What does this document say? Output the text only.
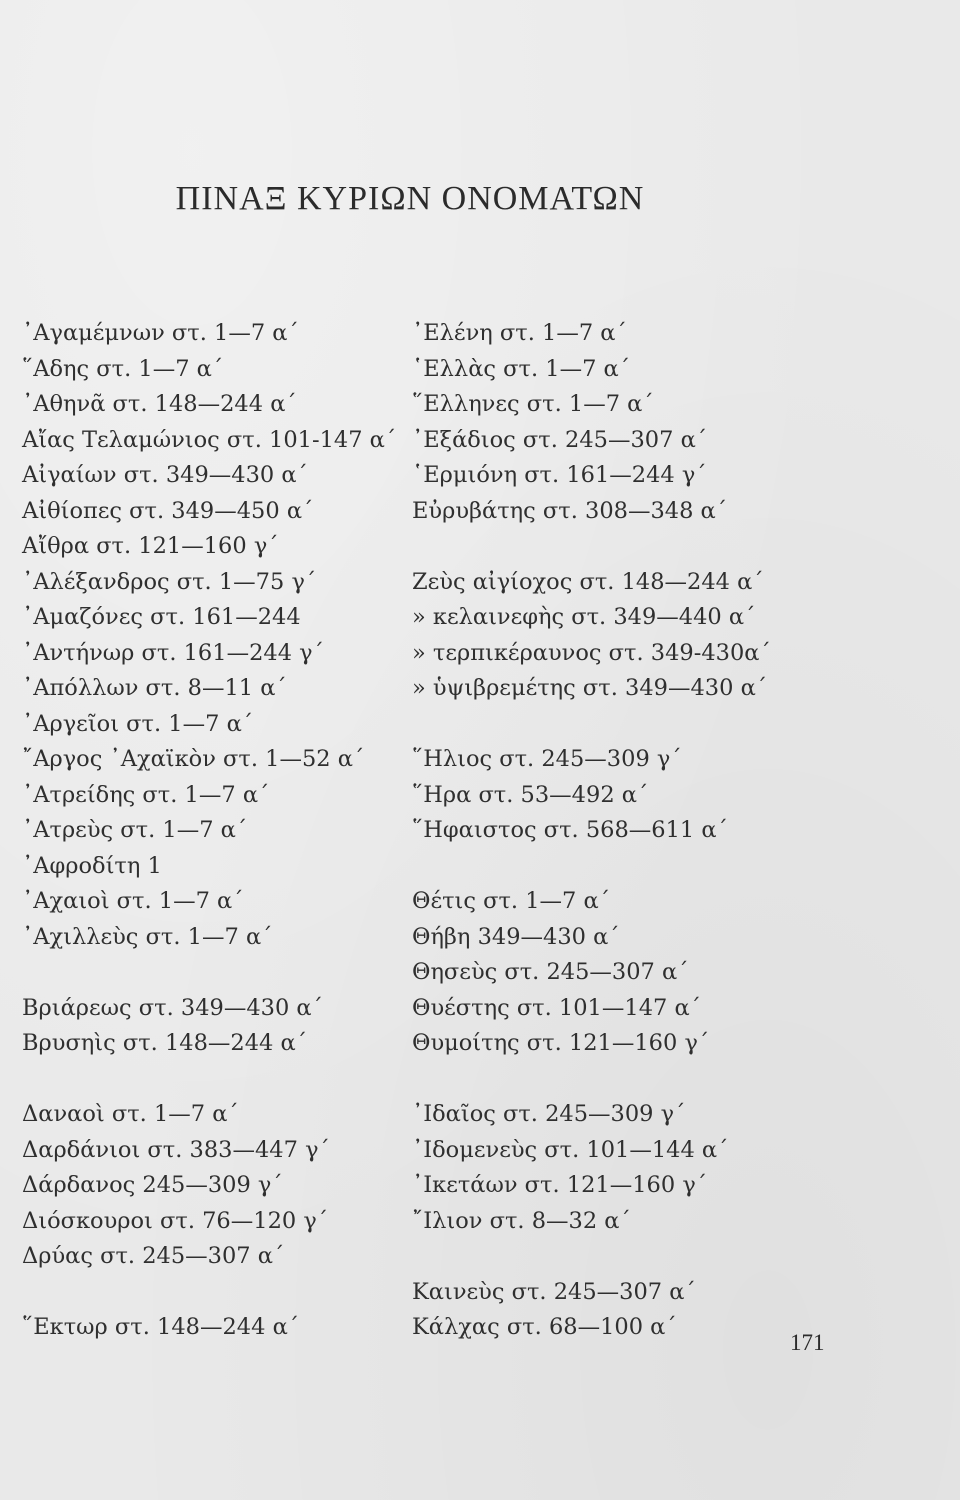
ΠΙΝΑΞ ΚΥΡΙΩΝ ΟΝΟΜΑΤΩΝ
᾿Αγαμέμνων στ. 1—7 α΄
῞Αδης στ. 1—7 α΄
᾿Αθηνᾶ στ. 148—244 α΄
Αἴας Τελαμώνιος στ. 101-147 α΄
Αἰγαίων στ. 349—430 α΄
Αἰθίοπες στ. 349—450 α΄
Αἴθρα στ. 121—160 γ΄
᾿Αλέξανδρος στ. 1—75 γ΄
᾿Αμαζόνες στ. 161—244
᾿Αντήνωρ στ. 161—244 γ΄
᾿Απόλλων στ. 8—11 α΄
᾿Αργεῖοι στ. 1—7 α΄
῎Αργος ᾿Αχαϊκὸν στ. 1—52 α΄
᾿Ατρείδης στ. 1—7 α΄
᾿Ατρεὺς στ. 1—7 α΄
᾿Αφροδίτη 1
᾿Αχαιοὶ στ. 1—7 α΄
᾿Αχιλλεὺς στ. 1—7 α΄
Βριάρεως στ. 349—430 α΄
Βρυσηὶς στ. 148—244 α΄
Δαναοὶ στ. 1—7 α΄
Δαρδάνιοι στ. 383—447 γ΄
Δάρδανος 245—309 γ΄
Διόσκουροι στ. 76—120 γ΄
Δρύας στ. 245—307 α΄
῞Εκτωρ στ. 148—244 α΄
᾿Ελένη στ. 1—7 α΄
῾Ελλὰς στ. 1—7 α΄
῞Ελληνες στ. 1—7 α΄
᾿Εξάδιος στ. 245—307 α΄
῾Ερμιόνη στ. 161—244 γ΄
Εὐρυβάτης στ. 308—348 α΄
Ζεὺς αἰγίοχος στ. 148—244 α΄
» κελαινεφὴς στ. 349—440 α΄
» τερπικέραυνος στ. 349-430α΄
» ὑψιβρεμέτης στ. 349—430 α΄
῞Ηλιος στ. 245—309 γ΄
῞Ηρα στ. 53—492 α΄
῞Ηφαιστος στ. 568—611 α΄
Θέτις στ. 1—7 α΄
Θήβη 349—430 α΄
Θησεὺς στ. 245—307 α΄
Θυέστης στ. 101—147 α΄
Θυμοίτης στ. 121—160 γ΄
᾿Ιδαῖος στ. 245—309 γ΄
᾿Ιδομενεὺς στ. 101—144 α΄
᾿Ικετάων στ. 121—160 γ΄
῎Ιλιον στ. 8—32 α΄
Καινεὺς στ. 245—307 α΄
Κάλχας στ. 68—100 α΄
171
